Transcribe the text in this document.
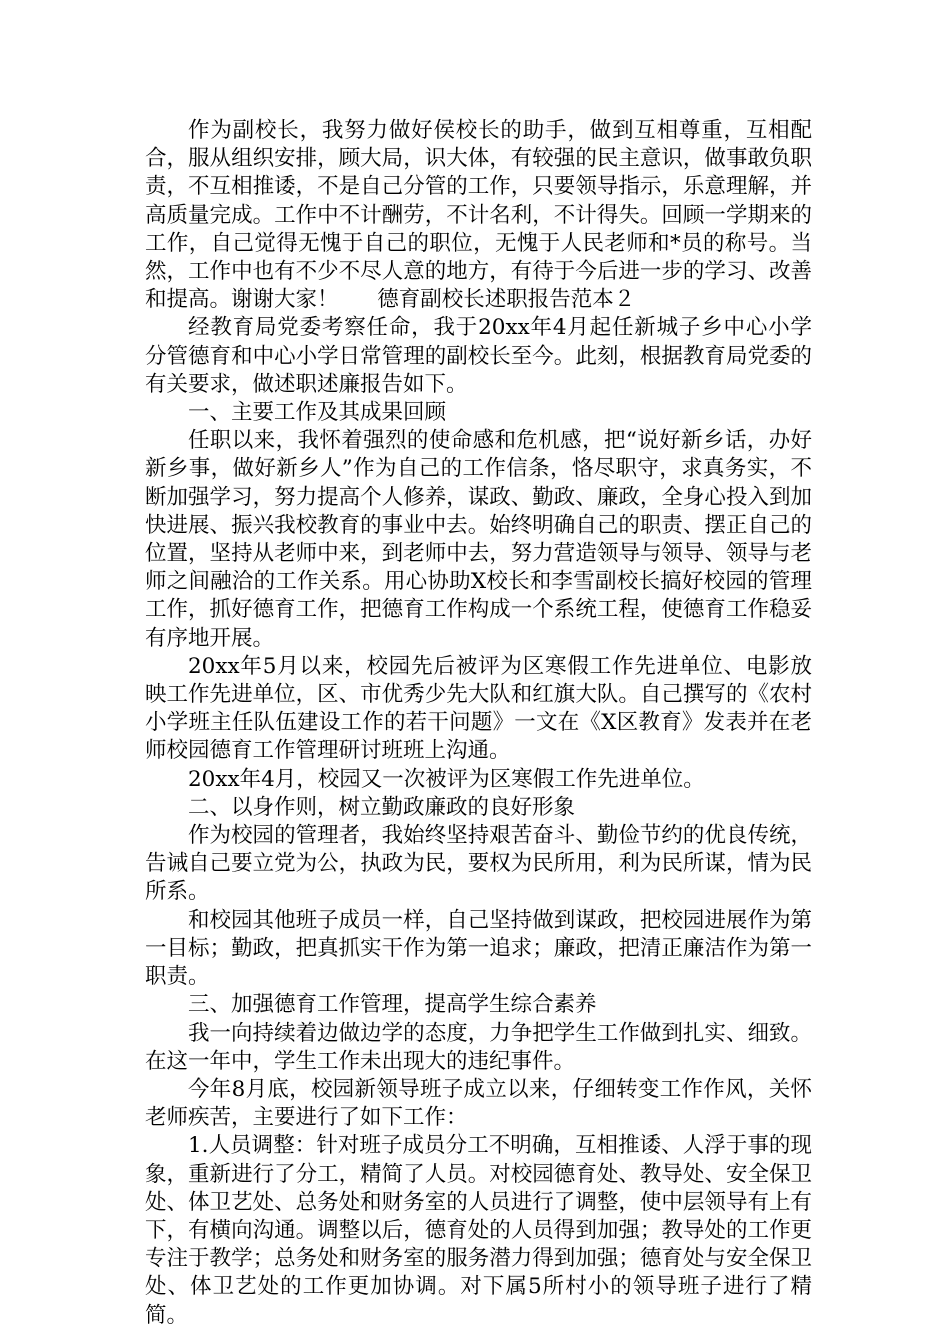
作为副校长，我努力做好侯校长的助手，做到互相尊重，互相配合，服从组织安排，顾大局，识大体，有较强的民主意识，做事敢负职责，不互相推诿，不是自己分管的工作，只要领导指示，乐意理解，并高质量完成。工作中不计酬劳，不计名利，不计得失。回顾一学期来的工作，自己觉得无愧于自己的职位，无愧于人民老师和*员的称号。当然，工作中也有不少不尽人意的地方，有待于今后进一步的学习、改善和提高。谢谢大家！ 德育副校长述职报告范本２

经教育局党委考察任命，我于20xx年4月起任新城子乡中心小学分管德育和中心小学日常管理的副校长至今。此刻，根据教育局党委的有关要求，做述职述廉报告如下。

一、主要工作及其成果回顾

任职以来，我怀着强烈的使命感和危机感，把“说好新乡话，办好新乡事，做好新乡人”作为自己的工作信条，恪尽职守，求真务实，不断加强学习，努力提高个人修养，谋政、勤政、廉政，全身心投入到加快进展、振兴我校教育的事业中去。始终明确自己的职责、摆正自己的位置，坚持从老师中来，到老师中去，努力营造领导与领导、领导与老师之间融洽的工作关系。用心协助X校长和李雪副校长搞好校园的管理工作，抓好德育工作，把德育工作构成一个系统工程，使德育工作稳妥有序地开展。

20xx年5月以来，校园先后被评为区寒假工作先进单位、电影放映工作先进单位，区、市优秀少先大队和红旗大队。自己撰写的《农村小学班主任队伍建设工作的若干问题》一文在《X区教育》发表并在老师校园德育工作管理研讨班班上沟通。

20xx年4月，校园又一次被评为区寒假工作先进单位。

二、以身作则，树立勤政廉政的良好形象

作为校园的管理者，我始终坚持艰苦奋斗、勤俭节约的优良传统，告诫自己要立党为公，执政为民，要权为民所用，利为民所谋，情为民所系。

和校园其他班子成员一样，自己坚持做到谋政，把校园进展作为第一目标；勤政，把真抓实干作为第一追求；廉政，把清正廉洁作为第一职责。

三、加强德育工作管理，提高学生综合素养

我一向持续着边做边学的态度，力争把学生工作做到扎实、细致。在这一年中，学生工作未出现大的违纪事件。

今年8月底，校园新领导班子成立以来，仔细转变工作作风，关怀老师疾苦，主要进行了如下工作：

1.人员调整：针对班子成员分工不明确，互相推诿、人浮于事的现象，重新进行了分工，精简了人员。对校园德育处、教导处、安全保卫处、体卫艺处、总务处和财务室的人员进行了调整，使中层领导有上有下，有横向沟通。调整以后，德育处的人员得到加强；教导处的工作更专注于教学；总务处和财务室的服务潜力得到加强；德育处与安全保卫处、体卫艺处的工作更加协调。对下属5所村小的领导班子进行了精简。
